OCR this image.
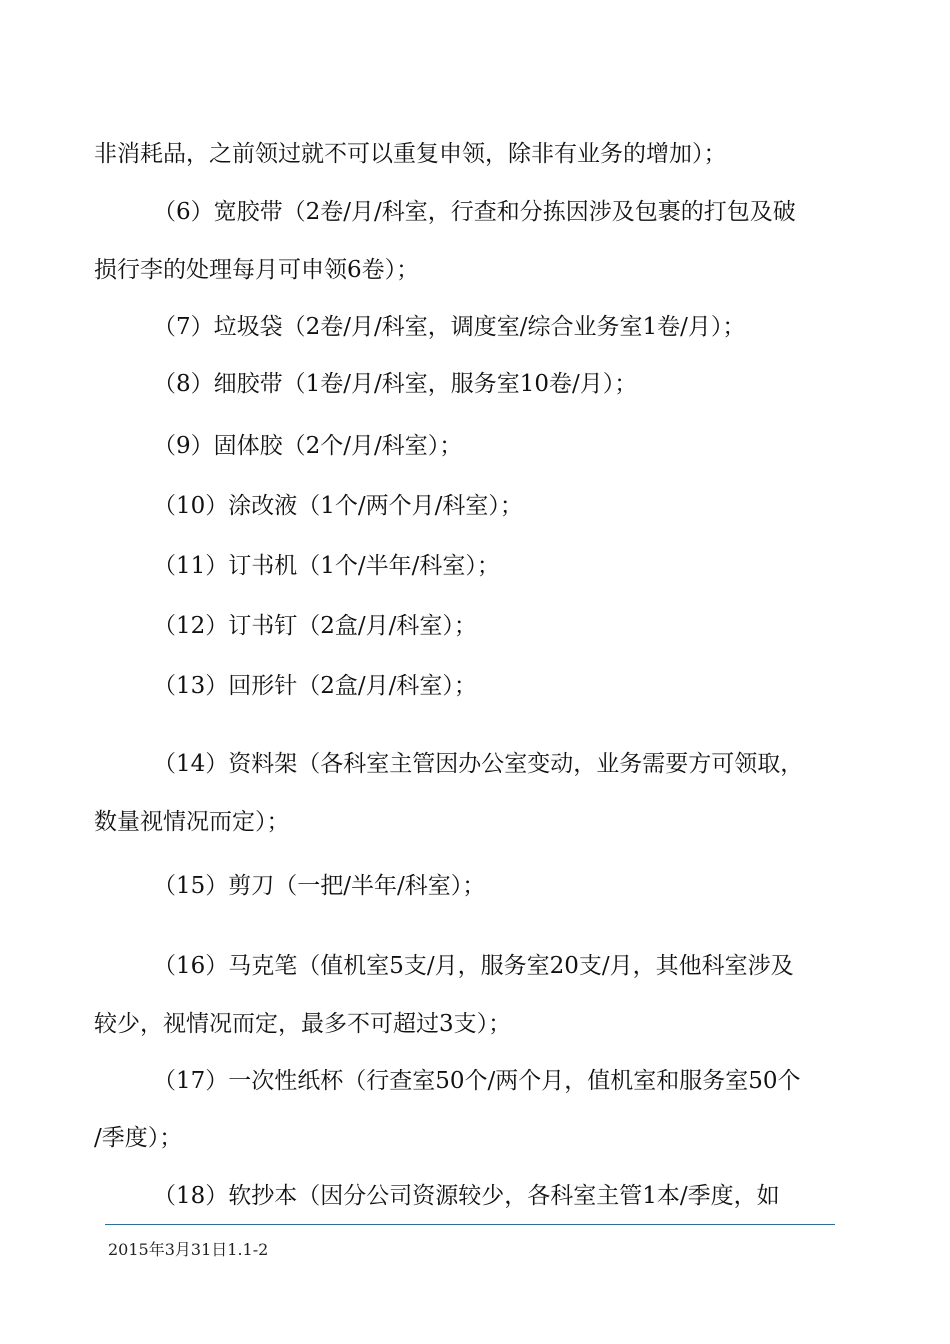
非消耗品，之前领过就不可以重复申领，除非有业务的增加）；
（6）宽胶带（2卷/月/科室，行查和分拣因涉及包裹的打包及破
损行李的处理每月可申领6卷）；
（7）垃圾袋（2卷/月/科室，调度室/综合业务室1卷/月）；
（8）细胶带（1卷/月/科室，服务室10卷/月）；
（9）固体胶（2个/月/科室）；
（10）涂改液（1个/两个月/科室）；
（11）订书机（1个/半年/科室）；
（12）订书钉（2盒/月/科室）；
（13）回形针（2盒/月/科室）；
（14）资料架（各科室主管因办公室变动，业务需要方可领取，
数量视情况而定）；
（15）剪刀（一把/半年/科室）；
（16）马克笔（值机室5支/月，服务室20支/月，其他科室涉及
较少，视情况而定，最多不可超过3支）；
（17）一次性纸杯（行查室50个/两个月，值机室和服务室50个
/季度）；
（18）软抄本（因分公司资源较少，各科室主管1本/季度，如
2015年3月31日1.1-2
